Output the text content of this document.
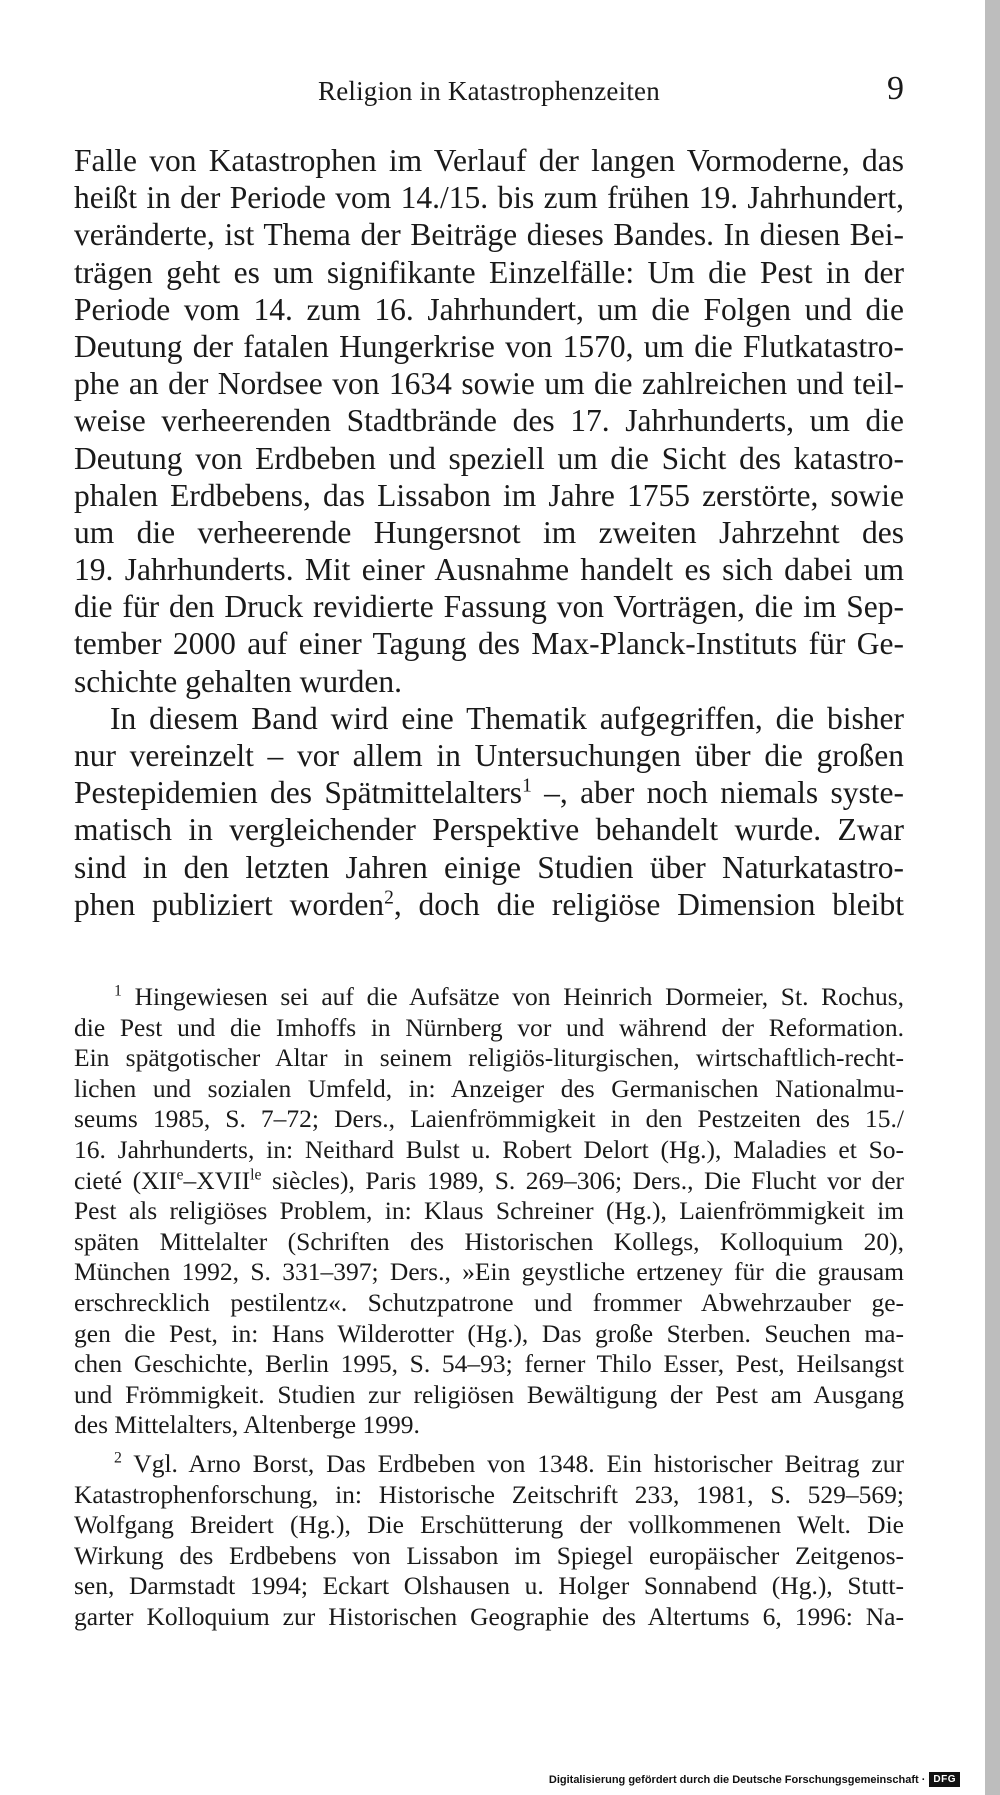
Religion in Katastrophenzeiten	9
Falle von Katastrophen im Verlauf der langen Vormoderne, das
heißt in der Periode vom 14./15. bis zum frühen 19. Jahrhundert,
veränderte, ist Thema der Beiträge dieses Bandes. In diesen Bei-
trägen geht es um signifikante Einzelfälle: Um die Pest in der
Periode vom 14. zum 16. Jahrhundert, um die Folgen und die
Deutung der fatalen Hungerkrise von 1570, um die Flutkatastro-
phe an der Nordsee von 1634 sowie um die zahlreichen und teil-
weise verheerenden Stadtbrände des 17. Jahrhunderts, um die
Deutung von Erdbeben und speziell um die Sicht des katastro-
phalen Erdbebens, das Lissabon im Jahre 1755 zerstörte, sowie
um die verheerende Hungersnot im zweiten Jahrzehnt des
19. Jahrhunderts. Mit einer Ausnahme handelt es sich dabei um
die für den Druck revidierte Fassung von Vorträgen, die im Sep-
tember 2000 auf einer Tagung des Max-Planck-Instituts für Ge-
schichte gehalten wurden.
In diesem Band wird eine Thematik aufgegriffen, die bisher
nur vereinzelt – vor allem in Untersuchungen über die großen
Pestepidemien des Spätmittelalters$^1$ –, aber noch niemals syste-
matisch in vergleichender Perspektive behandelt wurde. Zwar
sind in den letzten Jahren einige Studien über Naturkatastro-
phen publiziert worden$^2$, doch die religiöse Dimension bleibt
$^1$ Hingewiesen sei auf die Aufsätze von Heinrich Dormeier, St. Rochus,
die Pest und die Imhoffs in Nürnberg vor und während der Reformation.
Ein spätgotischer Altar in seinem religiös-liturgischen, wirtschaftlich-recht-
lichen und sozialen Umfeld, in: Anzeiger des Germanischen Nationalmu-
seums 1985, S. 7–72; Ders., Laienfrömmigkeit in den Pestzeiten des 15./
16. Jahrhunderts, in: Neithard Bulst u. Robert Delort (Hg.), Maladies et So-
cieté ($XIIe-XVII^{le}$ siècles), Paris 1989, S. 269–306; Ders., Die Flucht vor der
Pest als religiöses Problem, in: Klaus Schreiner (Hg.), Laienfrömmigkeit im
späten Mittelalter (Schriften des Historischen Kollegs, Kolloquium 20),
München 1992, S. 331–397; Ders., »Ein geystliche ertzeney für die grausam
erschrecklich pestilentz«. Schutzpatrone und frommer Abwehrzauber ge-
gen die Pest, in: Hans Wilderotter (Hg.), Das große Sterben. Seuchen ma-
chen Geschichte, Berlin 1995, S. 54–93; ferner Thilo Esser, Pest, Heilsangst
und Frömmigkeit. Studien zur religiösen Bewältigung der Pest am Ausgang
des Mittelalters, Altenberge 1999.
$^2$ Vgl. Arno Borst, Das Erdbeben von 1348. Ein historischer Beitrag zur
Katastrophenforschung, in: Historische Zeitschrift 233, 1981, S. 529–569;
Wolfgang Breidert (Hg.), Die Erschütterung der vollkommenen Welt. Die
Wirkung des Erdbebens von Lissabon im Spiegel europäischer Zeitgenos-
sen, Darmstadt 1994; Eckart Olshausen u. Holger Sonnabend (Hg.), Stutt-
garter Kolloquium zur Historischen Geographie des Altertums 6, 1996: Na-
Digitalisierung gefördert durch die Deutsche Forschungsgemeinschaft · DFG
